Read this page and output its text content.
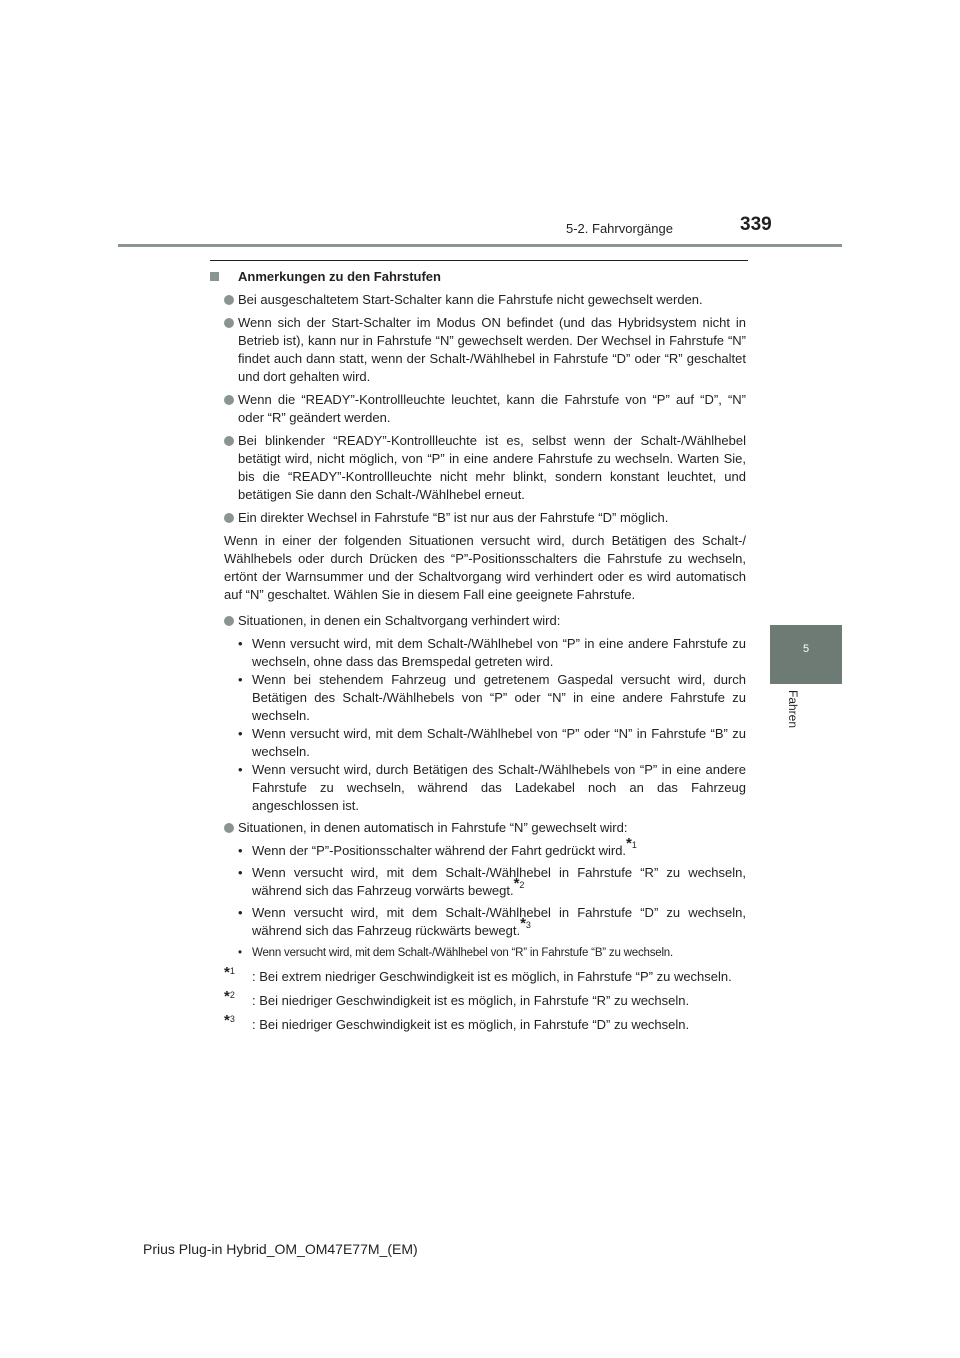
5-2. Fahrvorgänge	339
5
Fahren
Anmerkungen zu den Fahrstufen
Bei ausgeschaltetem Start-Schalter kann die Fahrstufe nicht gewechselt werden.
Wenn sich der Start-Schalter im Modus ON befindet (und das Hybridsystem nicht in Betrieb ist), kann nur in Fahrstufe “N” gewechselt werden. Der Wechsel in Fahrstufe “N” findet auch dann statt, wenn der Schalt-/Wählhebel in Fahrstufe “D” oder “R” geschaltet und dort gehalten wird.
Wenn die “READY”-Kontrollleuchte leuchtet, kann die Fahrstufe von “P” auf “D”, “N” oder “R” geändert werden.
Bei blinkender “READY”-Kontrollleuchte ist es, selbst wenn der Schalt-/Wählhebel betätigt wird, nicht möglich, von “P” in eine andere Fahrstufe zu wechseln. Warten Sie, bis die “READY”-Kontrollleuchte nicht mehr blinkt, sondern konstant leuchtet, und betätigen Sie dann den Schalt-/Wählhebel erneut.
Ein direkter Wechsel in Fahrstufe “B” ist nur aus der Fahrstufe “D” möglich.
Wenn in einer der folgenden Situationen versucht wird, durch Betätigen des Schalt-/ Wählhebels oder durch Drücken des “P”-Positionsschalters die Fahrstufe zu wechseln, ertönt der Warnsummer und der Schaltvorgang wird verhindert oder es wird automatisch auf “N” geschaltet. Wählen Sie in diesem Fall eine geeignete Fahrstufe.
Situationen, in denen ein Schaltvorgang verhindert wird:
• Wenn versucht wird, mit dem Schalt-/Wählhebel von “P” in eine andere Fahrstufe zu wechseln, ohne dass das Bremspedal getreten wird.
• Wenn bei stehendem Fahrzeug und getretenem Gaspedal versucht wird, durch Betätigen des Schalt-/Wählhebels von “P” oder “N” in eine andere Fahrstufe zu wechseln.
• Wenn versucht wird, mit dem Schalt-/Wählhebel von “P” oder “N” in Fahrstufe “B” zu wechseln.
• Wenn versucht wird, durch Betätigen des Schalt-/Wählhebels von “P” in eine andere Fahrstufe zu wechseln, während das Ladekabel noch an das Fahrzeug angeschlossen ist.
Situationen, in denen automatisch in Fahrstufe “N” gewechselt wird:
• Wenn der “P”-Positionsschalter während der Fahrt gedrückt wird.$^{*1}$
• Wenn versucht wird, mit dem Schalt-/Wählhebel in Fahrstufe “R” zu wechseln, während sich das Fahrzeug vorwärts bewegt.$^{*2}$
• Wenn versucht wird, mit dem Schalt-/Wählhebel in Fahrstufe “D” zu wechseln, während sich das Fahrzeug rückwärts bewegt.$^{*3}$
• Wenn versucht wird, mit dem Schalt-/Wählhebel von “R” in Fahrstufe “B” zu wechseln.
*$^1$ : Bei extrem niedriger Geschwindigkeit ist es möglich, in Fahrstufe “P” zu wechseln.
*$^2$ : Bei niedriger Geschwindigkeit ist es möglich, in Fahrstufe “R” zu wechseln.
*$^3$ : Bei niedriger Geschwindigkeit ist es möglich, in Fahrstufe “D” zu wechseln.
Prius Plug-in Hybrid_OM_OM47E77M_(EM)
